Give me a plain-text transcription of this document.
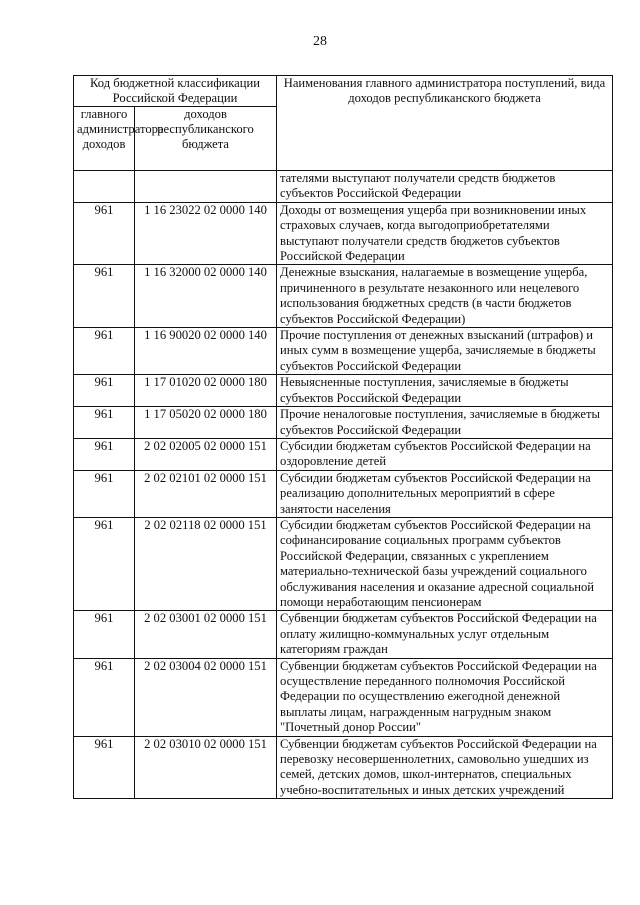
28
Код бюджетной классификации Российской Федерации		Наименования главного администратора поступлений, вида доходов республиканского бюджета
главного администратора доходов	доходов республиканского бюджета	
		тателями выступают получатели средств бюджетов субъектов Российской Федерации
961	1 16 23022 02 0000 140	Доходы от возмещения ущерба при возникновении иных страховых случаев, когда выгодоприобретателями выступают получатели средств бюджетов субъектов Российской Федерации
961	1 16 32000 02 0000 140	Денежные взыскания, налагаемые в возмещение ущерба, причиненного в результате незаконного или нецелевого использования бюджетных средств (в части бюджетов субъектов Российской Федерации)
961	1 16 90020 02 0000 140	Прочие поступления от денежных взысканий (штрафов) и иных сумм в возмещение ущерба, зачисляемые в бюджеты субъектов Российской Федерации
961	1 17 01020 02 0000 180	Невыясненные поступления, зачисляемые в бюджеты субъектов Российской Федерации
961	1 17 05020 02 0000 180	Прочие неналоговые поступления, зачисляемые в бюджеты субъектов Российской Федерации
961	2 02 02005 02 0000 151	Субсидии бюджетам субъектов Российской Федерации на оздоровление детей
961	2 02 02101 02 0000 151	Субсидии бюджетам субъектов Российской Федерации на реализацию дополнительных мероприятий в сфере занятости населения
961	2 02 02118 02 0000 151	Субсидии бюджетам субъектов Российской Федерации на софинансирование социальных программ субъектов Российской Федерации, связанных с укреплением материально-технической базы учреждений социального обслуживания населения и оказание адресной социальной помощи неработающим пенсионерам
961	2 02 03001 02 0000 151	Субвенции бюджетам субъектов Российской Федерации на оплату жилищно-коммунальных услуг отдельным категориям граждан
961	2 02 03004 02 0000 151	Субвенции бюджетам субъектов Российской Федерации на осуществление переданного полномочия Российской Федерации по осуществлению ежегодной денежной выплаты лицам, награжденным нагрудным знаком "Почетный донор России"
961	2 02 03010 02 0000 151	Субвенции бюджетам субъектов Российской Федерации на перевозку несовершеннолетних, самовольно ушедших из семей, детских домов, школ-интернатов, специальных учебно-воспитательных и иных детских учреждений
